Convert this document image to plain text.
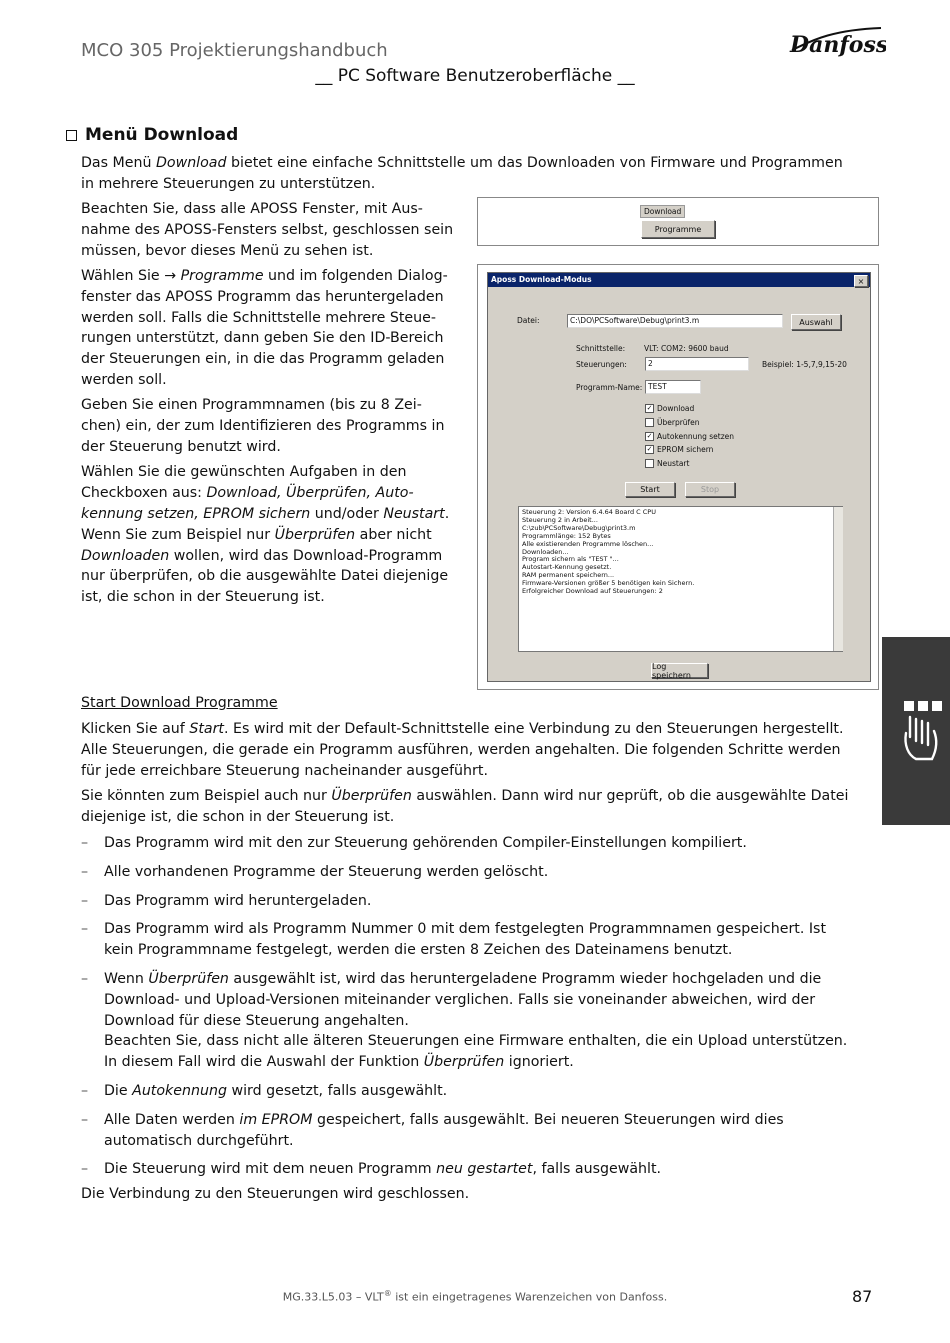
MCO 305 Projektierungshandbuch
__ PC Software Benutzeroberfläche __
Danfoss
Menü Download

Das Menü Download bietet eine einfache Schnittstelle um das Downloaden von Firmware und Programmen
in mehrere Steuerungen zu unterstützen.

Beachten Sie, dass alle APOSS Fenster, mit Aus-
nahme des APOSS-Fensters selbst, geschlossen sein
müssen, bevor dieses Menü zu sehen ist.

Wählen Sie → Programme und im folgenden Dialog-
fenster das APOSS Programm das heruntergeladen
werden soll. Falls die Schnittstelle mehrere Steue-
rungen unterstützt, dann geben Sie den ID-Bereich
der Steuerungen ein, in die das Programm geladen
werden soll.

Geben Sie einen Programmnamen (bis zu 8 Zei-
chen) ein, der zum Identifizieren des Programms in
der Steuerung benutzt wird.

Wählen Sie die gewünschten Aufgaben in den
Checkboxen aus: Download, Überprüfen, Auto-
kennung setzen, EPROM sichern und/oder Neustart.
Wenn Sie zum Beispiel nur Überprüfen aber nicht
Downloaden wollen, wird das Download-Programm
nur überprüfen, ob die ausgewählte Datei diejenige
ist, die schon in der Steuerung ist.

Download
Programme
Aposs Download-Modus	×
Datei:	C:\DO\PCSoftware\Debug\print3.m	Auswahl
Schnittstelle:	VLT: COM2: 9600 baud
Steuerungen:	2	Beispiel: 1-5,7,9,15-20
Programm-Name: TEST
✓ Download
Überprüfen
✓ Autokennung setzen
✓ EPROM sichern
Neustart
Start	Stop
Steuerung 2: Version 6.4.64 Board C CPU
Steuerung 2 in Arbeit...
C:\zub\PCSoftware\Debug\print3.m
Programmlänge: 152 Bytes
Alle existierenden Programme löschen...
Downloaden...
Program sichern als "TEST "...
Autostart-Kennung gesetzt.
RAM permanent speichern...
Firmware-Versionen größer 5 benötigen kein Sichern.
Erfolgreicher Download auf Steuerungen: 2
Log speichern
Start Download Programme

Klicken Sie auf Start. Es wird mit der Default-Schnittstelle eine Verbindung zu den Steuerungen hergestellt.
Alle Steuerungen, die gerade ein Programm ausführen, werden angehalten. Die folgenden Schritte werden
für jede erreichbare Steuerung nacheinander ausgeführt.

Sie könnten zum Beispiel auch nur Überprüfen auswählen. Dann wird nur geprüft, ob die ausgewählte Datei
diejenige ist, die schon in der Steuerung ist.

–	Das Programm wird mit den zur Steuerung gehörenden Compiler-Einstellungen kompiliert.
–	Alle vorhandenen Programme der Steuerung werden gelöscht.
–	Das Programm wird heruntergeladen.
–	Das Programm wird als Programm Nummer 0 mit dem festgelegten Programmnamen gespeichert. Ist
kein Programmname festgelegt, werden die ersten 8 Zeichen des Dateinamens benutzt.
–	Wenn Überprüfen ausgewählt ist, wird das heruntergeladene Programm wieder hochgeladen und die
Download- und Upload-Versionen miteinander verglichen. Falls sie voneinander abweichen, wird der
Download für diese Steuerung angehalten.
Beachten Sie, dass nicht alle älteren Steuerungen eine Firmware enthalten, die ein Upload unterstützen.
In diesem Fall wird die Auswahl der Funktion Überprüfen ignoriert.
–	Die Autokennung wird gesetzt, falls ausgewählt.
–	Alle Daten werden im EPROM gespeichert, falls ausgewählt. Bei neueren Steuerungen wird dies
automatisch durchgeführt.
–	Die Steuerung wird mit dem neuen Programm neu gestartet, falls ausgewählt.
Die Verbindung zu den Steuerungen wird geschlossen.
MG.33.L5.03 – VLT® ist ein eingetragenes Warenzeichen von Danfoss.	87
